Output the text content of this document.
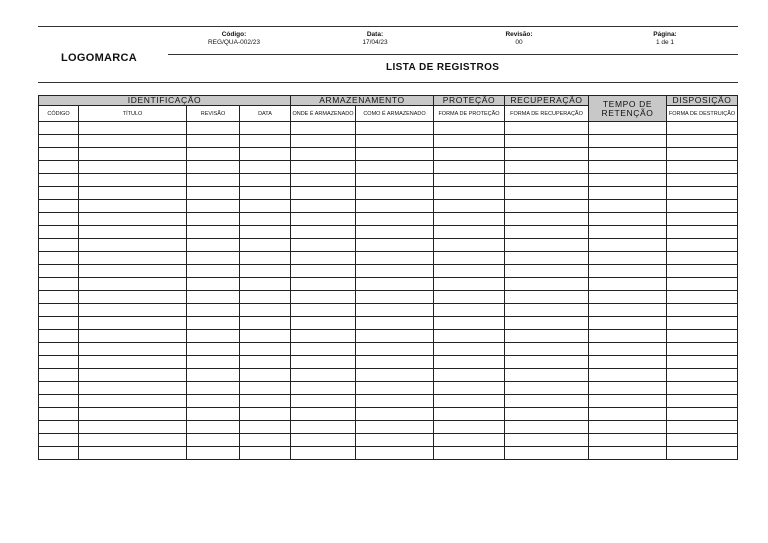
Código:
REG/QUA-002/23
Data:
17/04/23
Revisão:
00
Página:
1 de 1
LOGOMARCA
LISTA DE REGISTROS
IDENTIFICAÇÃO				ARMAZENAMENTO		PROTEÇÃO	RECUPERAÇÃO	TEMPO DE RETENÇÃO	DISPOSIÇÃO
CÓDIGO	TÍTULO	REVISÃO	DATA	ONDE É ARMAZENADO	COMO É ARMAZENADO	FORMA DE PROTEÇÃO	FORMA DE RECUPERAÇÃO		FORMA DE DESTRUIÇÃO
